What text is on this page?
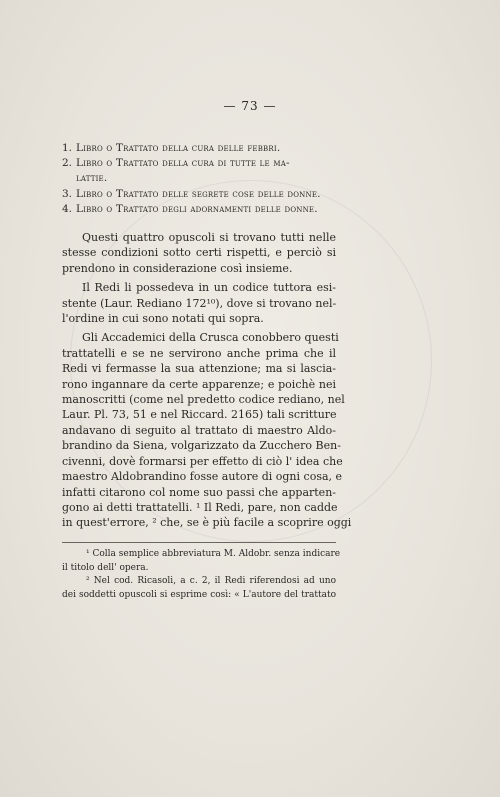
— 73 —
1. Libro o Trattato della cura delle febbri.
2. Libro o Trattato della cura di tutte le ma-
lattie.
3. Libro o Trattato delle segrete cose delle donne.
4. Libro o Trattato degli adornamenti delle donne.
Questi quattro opuscoli si trovano tutti nelle
stesse condizioni sotto certi rispetti, e perciò si
prendono in considerazione così insieme.
Il Redi li possedeva in un codice tuttora esi-
stente (Laur. Rediano 172¹⁰), dove si trovano nel-
l'ordine in cui sono notati qui sopra.
Gli Accademici della Crusca conobbero questi
trattatelli e se ne servirono anche prima che il
Redi vi fermasse la sua attenzione; ma si lascia-
rono ingannare da certe apparenze; e poichè nei
manoscritti (come nel predetto codice rediano, nel
Laur. Pl. 73, 51 e nel Riccard. 2165) tali scritture
andavano di seguito al trattato di maestro Aldo-
brandino da Siena, volgarizzato da Zucchero Ben-
civenni, dovè formarsi per effetto di ciò l' idea che
maestro Aldobrandino fosse autore di ogni cosa, e
infatti citarono col nome suo passi che apparten-
gono ai detti trattatelli. ¹ Il Redi, pare, non cadde
in quest'errore, ² che, se è più facile a scoprire oggi
¹ Colla semplice abbreviatura M. Aldobr. senza indicare
il titolo dell' opera.
² Nel cod. Ricasoli, a c. 2, il Redi riferendosi ad uno
dei soddetti opuscoli si esprime così: « L'autore del trattato
